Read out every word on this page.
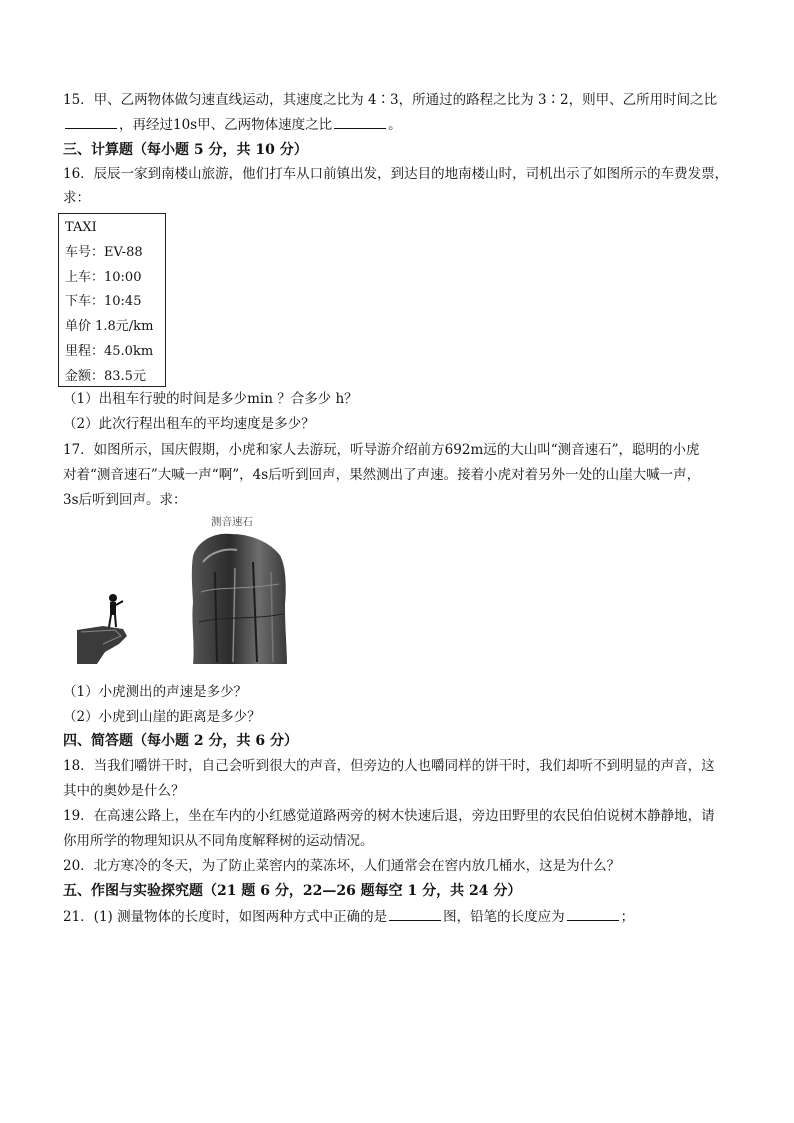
15．甲、乙两物体做匀速直线运动，其速度之比为 4∶3，所通过的路程之比为 3∶2，则甲、乙所用时间之比
，再经过10s甲、乙两物体速度之比	。
三、计算题（每小题 5 分，共 10 分）
16．辰辰一家到南楼山旅游，他们打车从口前镇出发，到达目的地南楼山时，司机出示了如图所示的车费发票，
求：
TAXI
车号：EV-88
上车：10:00
下车：10:45
单价 1.8元/km
里程：45.0km
金额：83.5元
（1）出租车行驶的时间是多少min ？合多少 h？
（2）此次行程出租车的平均速度是多少？
17．如图所示，国庆假期，小虎和家人去游玩，听导游介绍前方692m远的大山叫“测音速石”，聪明的小虎
对着“测音速石”大喊一声“啊”，4s后听到回声，果然测出了声速。接着小虎对着另外一处的山崖大喊一声，
3s后听到回声。求：
测音速石
（1）小虎测出的声速是多少？
（2）小虎到山崖的距离是多少？
四、简答题（每小题 2 分，共 6 分）
18．当我们嚼饼干时，自己会听到很大的声音，但旁边的人也嚼同样的饼干时，我们却听不到明显的声音，这
其中的奥妙是什么？
19．在高速公路上，坐在车内的小红感觉道路两旁的树木快速后退，旁边田野里的农民伯伯说树木静静地，请
你用所学的物理知识从不同角度解释树的运动情况。
20．北方寒冷的冬天，为了防止菜窖内的菜冻坏，人们通常会在窖内放几桶水，这是为什么？
五、作图与实验探究题（21 题 6 分，22—26 题每空 1 分，共 24 分）
21．(1) 测量物体的长度时，如图两种方式中正确的是	图，铅笔的长度应为	；
